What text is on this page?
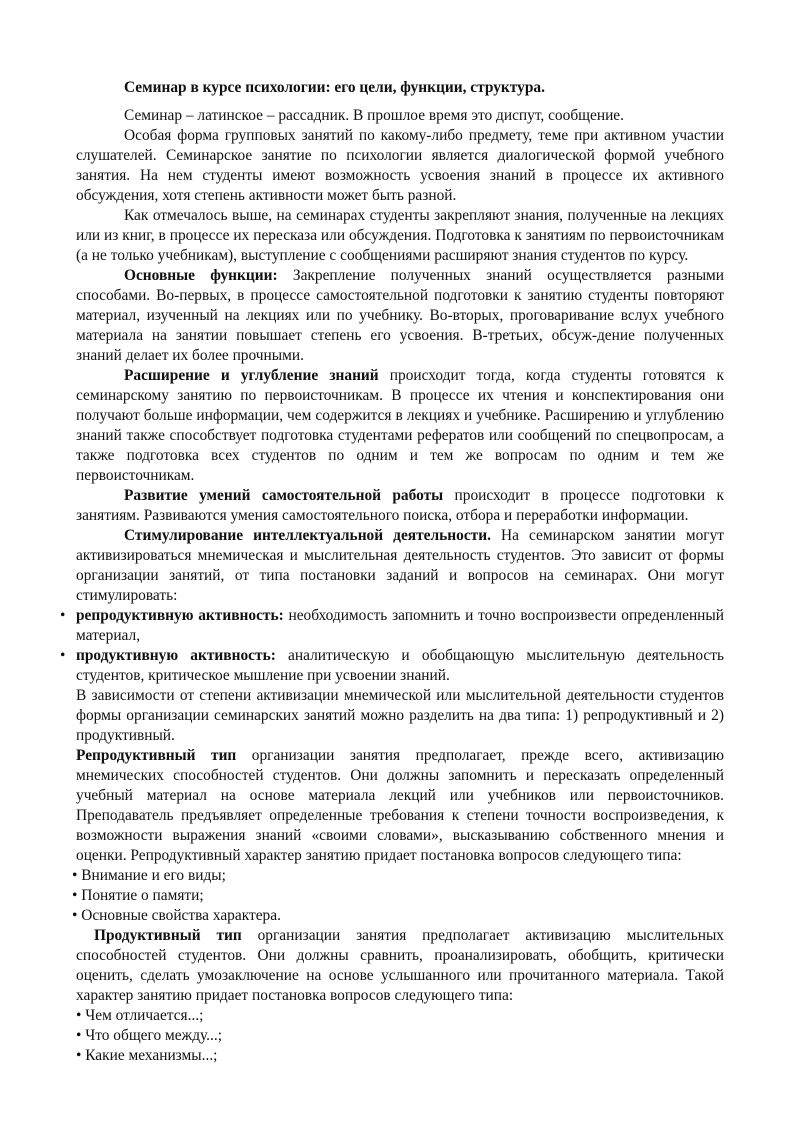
Семинар в курсе психологии: его цели, функции, структура.

Семинар – латинское – рассадник. В прошлое время это диспут, сообщение.

Особая форма групповых занятий по какому-либо предмету, теме при активном участии слушателей. Семинарское занятие по психологии является диалогической формой учебного занятия. На нем студенты имеют возможность усвоения знаний в процессе их активного обсуждения, хотя степень активности может быть разной.

Как отмечалось выше, на семинарах студенты закрепляют знания, полученные на лекциях или из книг, в процессе их пересказа или обсуждения. Подготовка к занятиям по первоисточникам (а не только учебникам), выступление с сообщениями расширяют знания студентов по курсу.

Основные функции: Закрепление полученных знаний осуществляется разными способами. Во-первых, в процессе самостоятельной подготовки к занятию студенты повторяют материал, изученный на лекциях или по учебнику. Во-вторых, проговаривание вслух учебного материала на занятии повышает степень его усвоения. В-третьих, обсуж-дение полученных знаний делает их более прочными.

Расширение и углубление знаний происходит тогда, когда студенты готовятся к семинарскому занятию по первоисточникам. В процессе их чтения и конспектирования они получают больше информации, чем содержится в лекциях и учебнике. Расширению и углублению знаний также способствует подготовка студентами рефератов или сообщений по спецвопросам, а также подготовка всех студентов по одним и тем же вопросам по одним и тем же первоисточникам.

Развитие умений самостоятельной работы происходит в процессе подготовки к занятиям. Развиваются умения самостоятельного поиска, отбора и переработки информации.

Стимулирование интеллектуальной деятельности. На семинарском занятии могут активизироваться мнемическая и мыслительная деятельность студентов. Это зависит от формы организации занятий, от типа постановки заданий и вопросов на семинарах. Они могут стимулировать:

• репродуктивную активность: необходимость запомнить и точно воспроизвести опреденленный материал,

• продуктивную активность: аналитическую и обобщающую мыслительную деятельность студентов, критическое мышление при усвоении знаний.

В зависимости от степени активизации мнемической или мыслительной деятельности студентов формы организации семинарских занятий можно разделить на два типа: 1) репродуктивный и 2) продуктивный.

Репродуктивный тип организации занятия предполагает, прежде всего, активизацию мнемических способностей студентов. Они должны запомнить и пересказать определенный учебный материал на основе материала лекций или учебников или первоисточников. Преподаватель предъявляет определенные требования к степени точности воспроизведения, к возможности выражения знаний «своими словами», высказыванию собственного мнения и оценки. Репродуктивный характер занятию придает постановка вопросов следующего типа:

• Внимание и его виды;

• Понятие о памяти;

• Основные свойства характера.

Продуктивный тип организации занятия предполагает активизацию мыслительных способностей студентов. Они должны сравнить, проанализировать, обобщить, критически оценить, сделать умозаключение на основе услышанного или прочитанного материала. Такой характер занятию придает постановка вопросов следующего типа:

• Чем отличается...;

• Что общего между...;

• Какие механизмы...;
